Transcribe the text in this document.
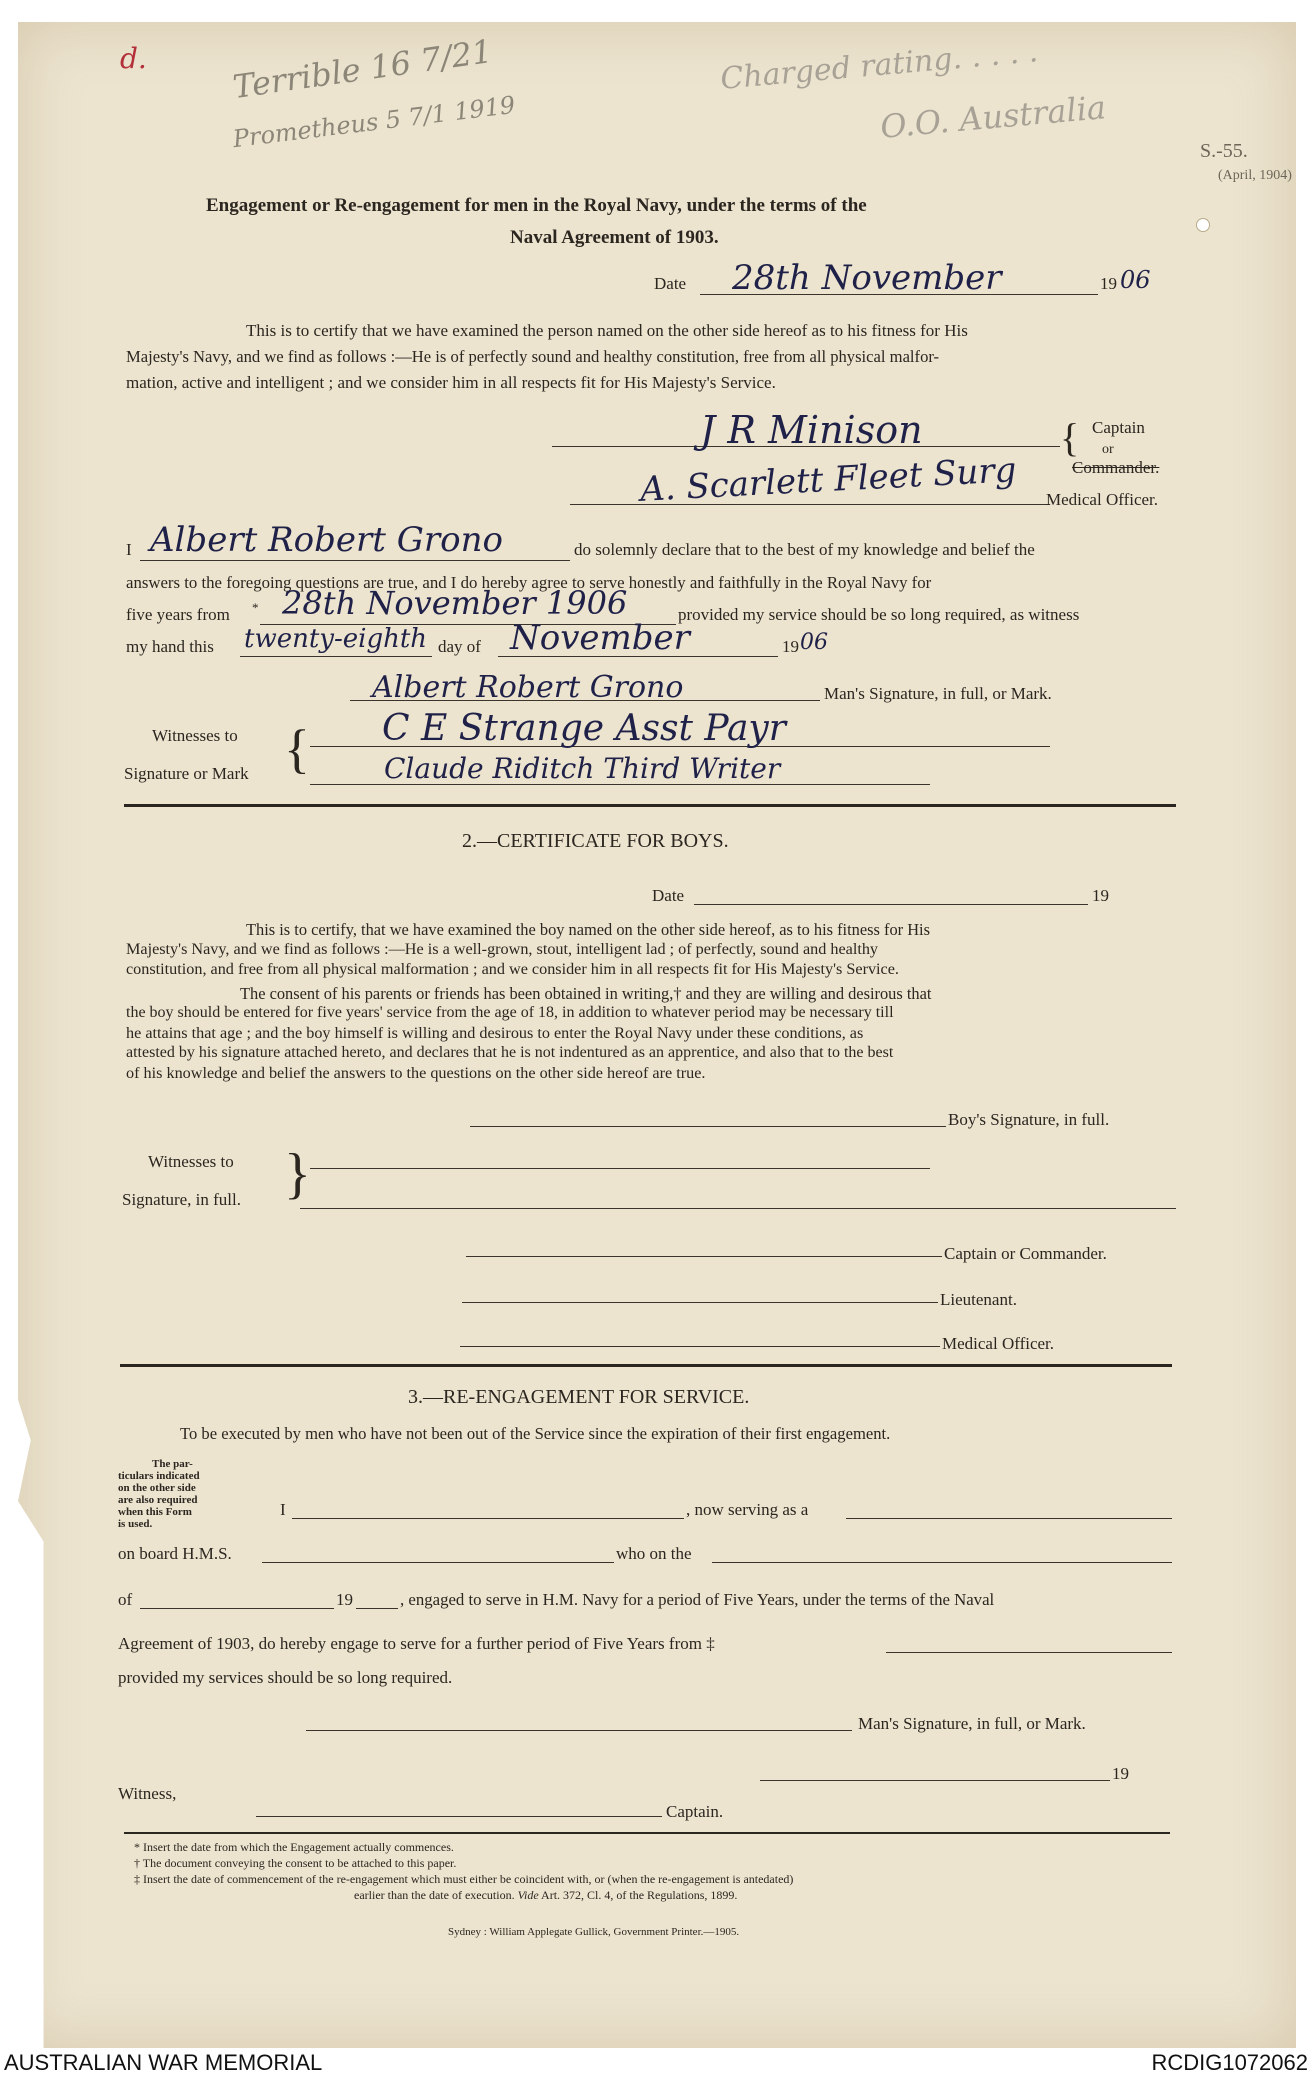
d.	Terrible 16 7/21
Prometheus 5 7/1 1919
Charged rating. . . . .
O.O. Australia
S.-55.
(April, 1904)
Engagement or Re-engagement for men in the Royal Navy, under the terms of the
Naval Agreement of 1903.
Date 28th November	19 06
This is to certify that we have examined the person named on the other side hereof as to his fitness for His
Majesty's Navy, and we find as follows :—He is of perfectly sound and healthy constitution, free from all physical malfor-
mation, active and intelligent ; and we consider him in all respects fit for His Majesty's Service.
J R Minison	{ Captain
or
Commander.
A. Scarlett Fleet Surg Medical Officer.
I Albert Robert Grono	do solemnly declare that to the best of my knowledge and belief the
answers to the foregoing questions are true, and I do hereby agree to serve honestly and faithfully in the Royal Navy for
five years from * 28th November 1906	provided my service should be so long required, as witness
my hand this twenty-eighth day of November	19 06
Albert Robert Grono	Man's Signature, in full, or Mark.
Witnesses to
Signature or Mark { C E Strange Asst Payr
Claude Riditch Third Writer
2.—CERTIFICATE FOR BOYS.
Date	19
This is to certify, that we have examined the boy named on the other side hereof, as to his fitness for His
Majesty's Navy, and we find as follows :—He is a well-grown, stout, intelligent lad ; of perfectly, sound and healthy
constitution, and free from all physical malformation ; and we consider him in all respects fit for His Majesty's Service.
The consent of his parents or friends has been obtained in writing,† and they are willing and desirous that
the boy should be entered for five years' service from the age of 18, in addition to whatever period may be necessary till
he attains that age ; and the boy himself is willing and desirous to enter the Royal Navy under these conditions, as
attested by his signature attached hereto, and declares that he is not indentured as an apprentice, and also that to the best
of his knowledge and belief the answers to the questions on the other side hereof are true.
Boy's Signature, in full.
Witnesses to
Signature, in full. }
Captain or Commander.
Lieutenant.
Medical Officer.
3.—RE-ENGAGEMENT FOR SERVICE.
To be executed by men who have not been out of the Service since the expiration of their first engagement.
The par-
ticulars indicated
on the other side
are also required
when this Form
is used.
I	, now serving as a
on board H.M.S.	who on the
of	19	, engaged to serve in H.M. Navy for a period of Five Years, under the terms of the Naval
Agreement of 1903, do hereby engage to serve for a further period of Five Years from ‡
provided my services should be so long required.
Man's Signature, in full, or Mark.
19
Witness,
Captain.
* Insert the date from which the Engagement actually commences.
† The document conveying the consent to be attached to this paper.
‡ Insert the date of commencement of the re-engagement which must either be coincident with, or (when the re-engagement is antedated)
earlier than the date of execution. Vide Art. 372, Cl. 4, of the Regulations, 1899.
Sydney : William Applegate Gullick, Government Printer.—1905.
AUSTRALIAN WAR MEMORIAL	RCDIG1072062
